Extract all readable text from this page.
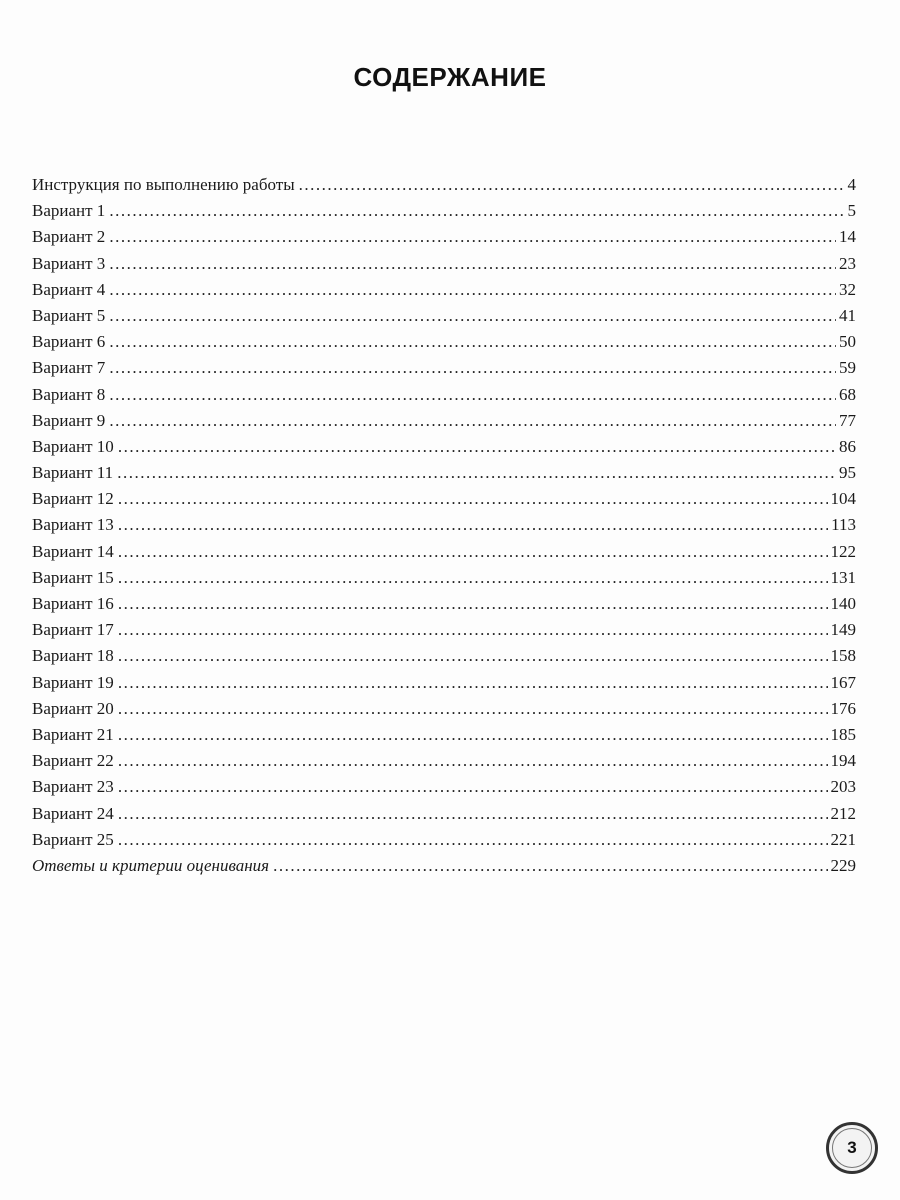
СОДЕРЖАНИЕ
Инструкция по выполнению работы .....	4
Вариант 1 .....	5
Вариант 2 .....	14
Вариант 3 .....	23
Вариант 4 .....	32
Вариант 5 .....	41
Вариант 6 .....	50
Вариант 7 .....	59
Вариант 8 .....	68
Вариант 9 .....	77
Вариант 10 .....	86
Вариант 11 .....	95
Вариант 12 .....	104
Вариант 13 .....	113
Вариант 14 .....	122
Вариант 15 .....	131
Вариант 16 .....	140
Вариант 17 .....	149
Вариант 18 .....	158
Вариант 19 .....	167
Вариант 20 .....	176
Вариант 21 .....	185
Вариант 22 .....	194
Вариант 23 .....	203
Вариант 24 .....	212
Вариант 25 .....	221
Ответы и критерии оценивания .....	229
3
